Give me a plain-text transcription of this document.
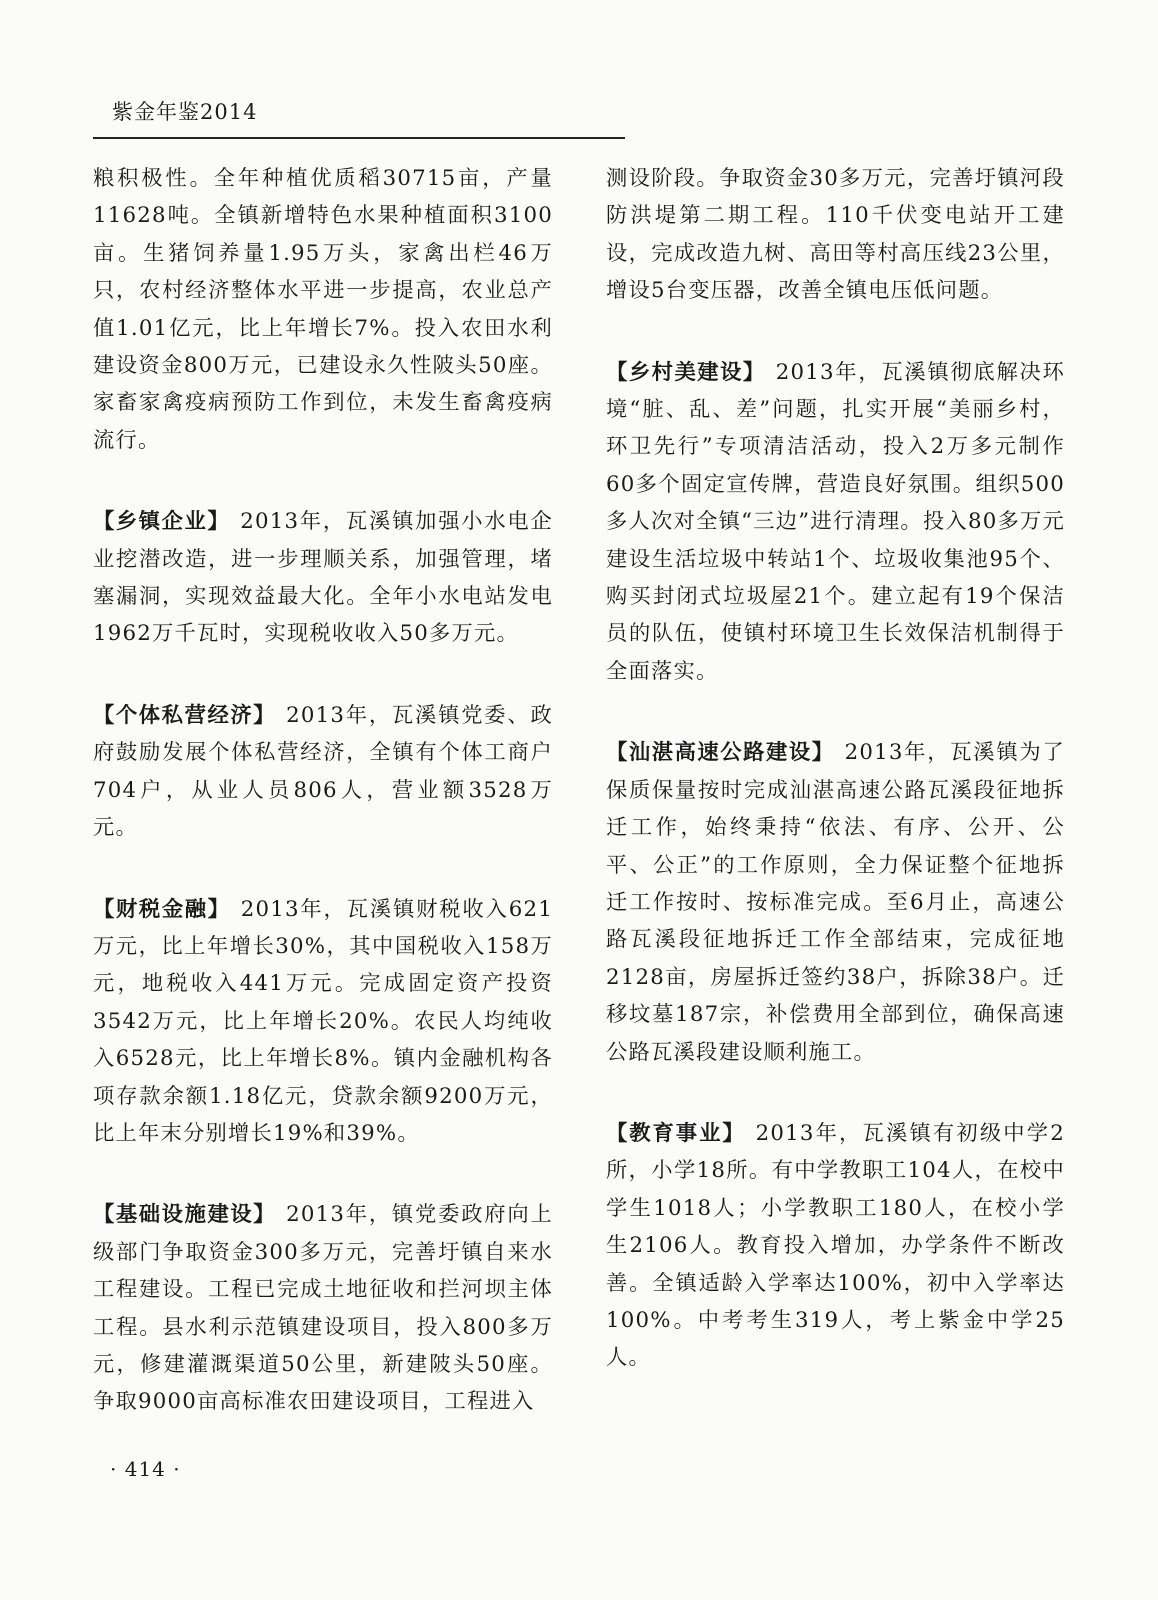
紫金年鉴2014

粮积极性。全年种植优质稻30715亩，产量11628吨。全镇新增特色水果种植面积3100亩。生猪饲养量1.95万头，家禽出栏46万只，农村经济整体水平进一步提高，农业总产值1.01亿元，比上年增长7%。投入农田水利建设资金800万元，已建设永久性陂头50座。家畜家禽疫病预防工作到位，未发生畜禽疫病流行。

【乡镇企业】 2013年，瓦溪镇加强小水电企业挖潜改造，进一步理顺关系，加强管理，堵塞漏洞，实现效益最大化。全年小水电站发电1962万千瓦时，实现税收收入50多万元。

【个体私营经济】 2013年，瓦溪镇党委、政府鼓励发展个体私营经济，全镇有个体工商户704户，从业人员806人，营业额3528万元。

【财税金融】 2013年，瓦溪镇财税收入621万元，比上年增长30%，其中国税收入158万元，地税收入441万元。完成固定资产投资3542万元，比上年增长20%。农民人均纯收入6528元，比上年增长8%。镇内金融机构各项存款余额1.18亿元，贷款余额9200万元，比上年末分别增长19%和39%。

【基础设施建设】 2013年，镇党委政府向上级部门争取资金300多万元，完善圩镇自来水工程建设。工程已完成土地征收和拦河坝主体工程。县水利示范镇建设项目，投入800多万元，修建灌溉渠道50公里，新建陂头50座。争取9000亩高标准农田建设项目，工程进入

测设阶段。争取资金30多万元，完善圩镇河段防洪堤第二期工程。110千伏变电站开工建设，完成改造九树、高田等村高压线23公里，增设5台变压器，改善全镇电压低问题。

【乡村美建设】 2013年，瓦溪镇彻底解决环境“脏、乱、差”问题，扎实开展“美丽乡村，环卫先行”专项清洁活动，投入2万多元制作60多个固定宣传牌，营造良好氛围。组织500多人次对全镇“三边”进行清理。投入80多万元建设生活垃圾中转站1个、垃圾收集池95个、购买封闭式垃圾屋21个。建立起有19个保洁员的队伍，使镇村环境卫生长效保洁机制得于全面落实。

【汕湛高速公路建设】 2013年，瓦溪镇为了保质保量按时完成汕湛高速公路瓦溪段征地拆迁工作，始终秉持“依法、有序、公开、公平、公正”的工作原则，全力保证整个征地拆迁工作按时、按标准完成。至6月止，高速公路瓦溪段征地拆迁工作全部结束，完成征地2128亩，房屋拆迁签约38户，拆除38户。迁移坟墓187宗，补偿费用全部到位，确保高速公路瓦溪段建设顺利施工。

【教育事业】 2013年，瓦溪镇有初级中学2所，小学18所。有中学教职工104人，在校中学生1018人；小学教职工180人，在校小学生2106人。教育投入增加，办学条件不断改善。全镇适龄入学率达100%，初中入学率达100%。中考考生319人，考上紫金中学25人。

· 414 ·
